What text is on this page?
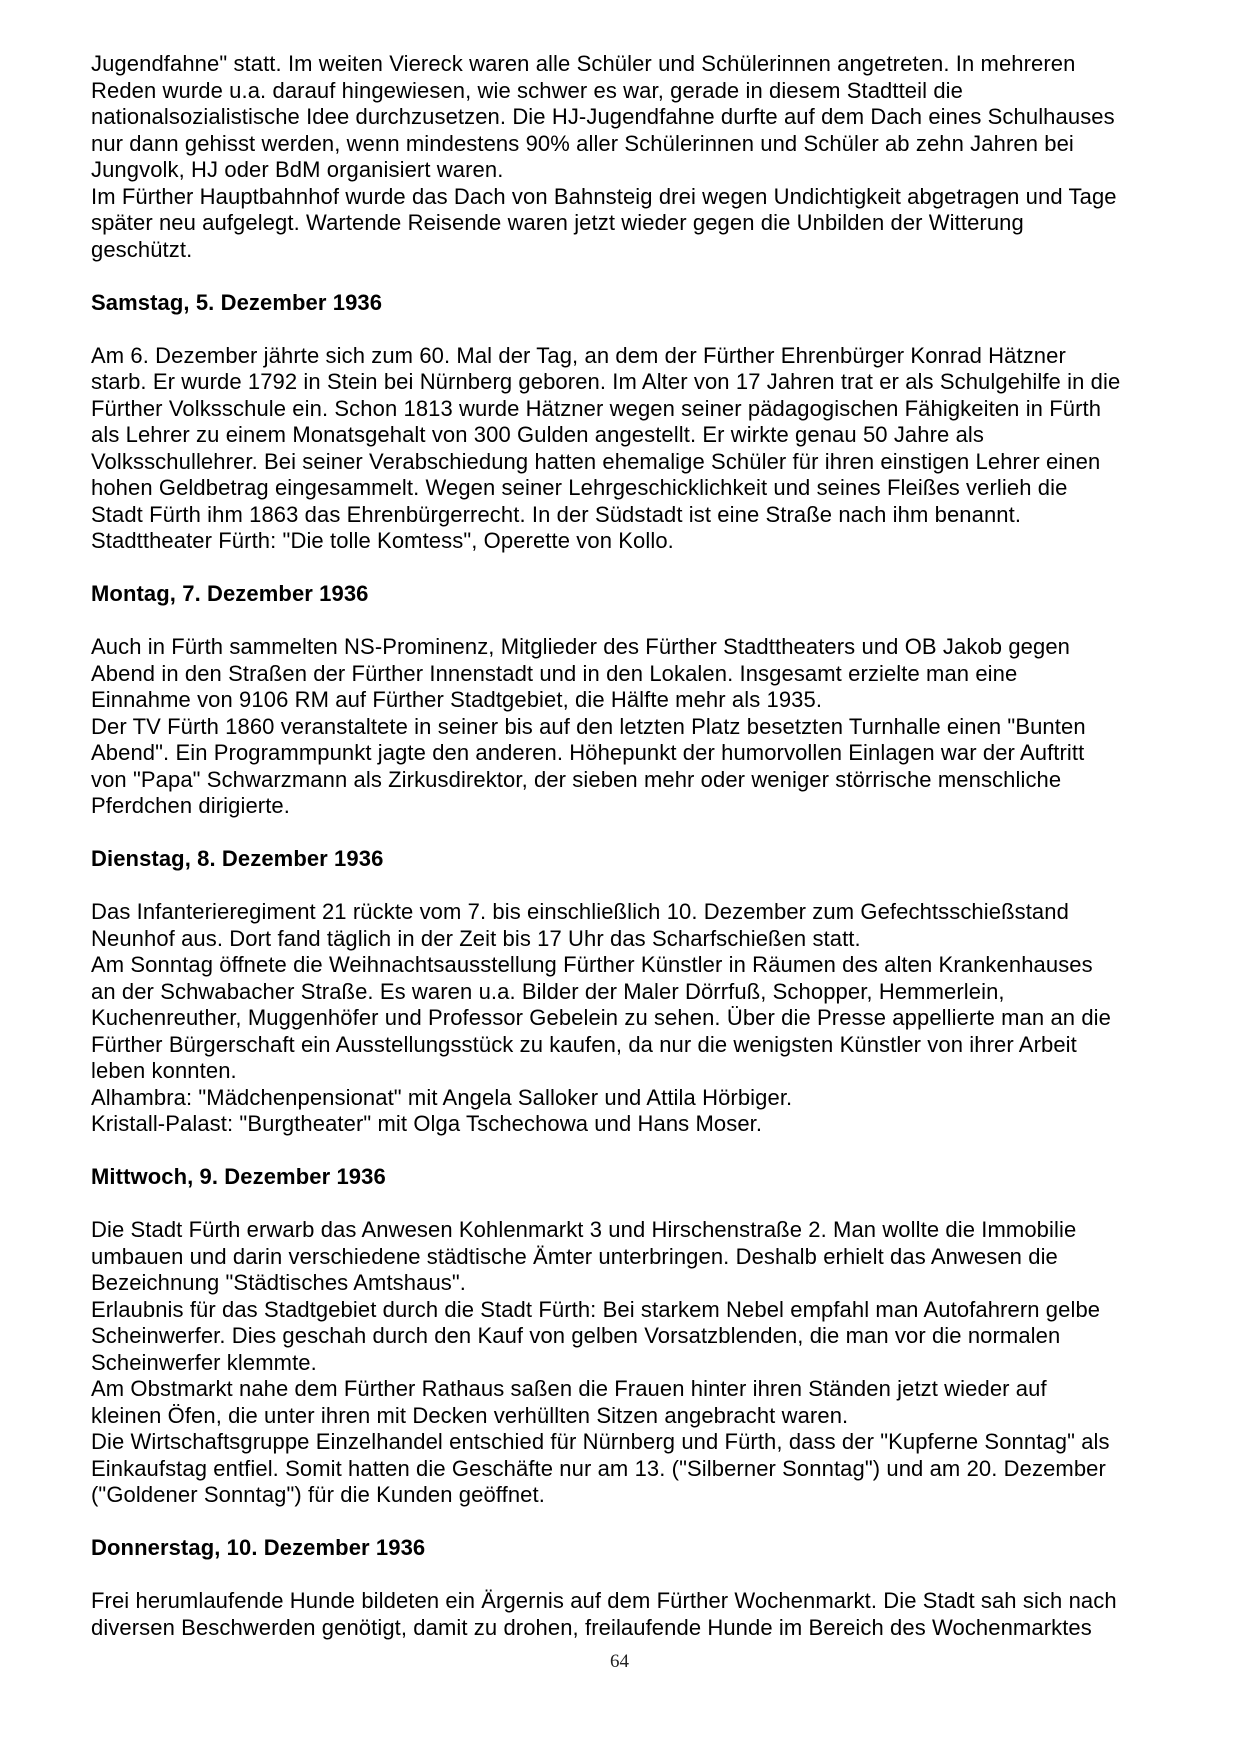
Jugendfahne" statt. Im weiten Viereck waren alle Schüler und Schülerinnen angetreten. In mehreren
Reden wurde u.a. darauf hingewiesen, wie schwer es war, gerade in diesem Stadtteil die
nationalsozialistische Idee durchzusetzen. Die HJ-Jugendfahne durfte auf dem Dach eines Schulhauses
nur dann gehisst werden, wenn mindestens 90% aller Schülerinnen und Schüler ab zehn Jahren bei
Jungvolk, HJ oder BdM organisiert waren.
Im Fürther Hauptbahnhof wurde das Dach von Bahnsteig drei wegen Undichtigkeit abgetragen und Tage
später neu aufgelegt. Wartende Reisende waren jetzt wieder gegen die Unbilden der Witterung
geschützt.
Samstag, 5. Dezember 1936
Am 6. Dezember jährte sich zum 60. Mal der Tag, an dem der Fürther Ehrenbürger Konrad Hätzner
starb. Er wurde 1792 in Stein bei Nürnberg geboren. Im Alter von 17 Jahren trat er als Schulgehilfe in die
Fürther Volksschule ein. Schon 1813 wurde Hätzner wegen seiner pädagogischen Fähigkeiten in Fürth
als Lehrer zu einem Monatsgehalt von 300 Gulden angestellt. Er wirkte genau 50 Jahre als
Volksschullehrer. Bei seiner Verabschiedung hatten ehemalige Schüler für ihren einstigen Lehrer einen
hohen Geldbetrag eingesammelt. Wegen seiner Lehrgeschicklichkeit und seines Fleißes verlieh die
Stadt Fürth ihm 1863 das Ehrenbürgerrecht. In der Südstadt ist eine Straße nach ihm benannt.
Stadttheater Fürth: "Die tolle Komtess", Operette von Kollo.
Montag, 7. Dezember 1936
Auch in Fürth sammelten NS-Prominenz, Mitglieder des Fürther Stadttheaters und OB Jakob gegen
Abend in den Straßen der Fürther Innenstadt und in den Lokalen. Insgesamt erzielte man eine
Einnahme von 9106 RM auf Fürther Stadtgebiet, die Hälfte mehr als 1935.
Der TV Fürth 1860 veranstaltete in seiner bis auf den letzten Platz besetzten Turnhalle einen "Bunten
Abend". Ein Programmpunkt jagte den anderen. Höhepunkt der humorvollen Einlagen war der Auftritt
von "Papa" Schwarzmann als Zirkusdirektor, der sieben mehr oder weniger störrische menschliche
Pferdchen dirigierte.
Dienstag, 8. Dezember 1936
Das Infanterieregiment 21 rückte vom 7. bis einschließlich 10. Dezember zum Gefechtsschießstand
Neunhof aus. Dort fand täglich in der Zeit bis 17 Uhr das Scharfschießen statt.
Am Sonntag öffnete die Weihnachtsausstellung Fürther Künstler in Räumen des alten Krankenhauses
an der Schwabacher Straße. Es waren u.a. Bilder der Maler Dörrfuß, Schopper, Hemmerlein,
Kuchenreuther, Muggenhöfer und Professor Gebelein zu sehen. Über die Presse appellierte man an die
Fürther Bürgerschaft ein Ausstellungsstück zu kaufen, da nur die wenigsten Künstler von ihrer Arbeit
leben konnten.
Alhambra: "Mädchenpensionat" mit Angela Salloker und Attila Hörbiger.
Kristall-Palast: "Burgtheater" mit Olga Tschechowa und Hans Moser.
Mittwoch, 9. Dezember 1936
Die Stadt Fürth erwarb das Anwesen Kohlenmarkt 3 und Hirschenstraße 2. Man wollte die Immobilie
umbauen und darin verschiedene städtische Ämter unterbringen. Deshalb erhielt das Anwesen die
Bezeichnung "Städtisches Amtshaus".
Erlaubnis für das Stadtgebiet durch die Stadt Fürth: Bei starkem Nebel empfahl man Autofahrern gelbe
Scheinwerfer. Dies geschah durch den Kauf von gelben Vorsatzblenden, die man vor die normalen
Scheinwerfer klemmte.
Am Obstmarkt nahe dem Fürther Rathaus saßen die Frauen hinter ihren Ständen jetzt wieder auf
kleinen Öfen, die unter ihren mit Decken verhüllten Sitzen angebracht waren.
Die Wirtschaftsgruppe Einzelhandel entschied für Nürnberg und Fürth, dass der "Kupferne Sonntag" als
Einkaufstag entfiel. Somit hatten die Geschäfte nur am 13. ("Silberner Sonntag") und am 20. Dezember
("Goldener Sonntag") für die Kunden geöffnet.
Donnerstag, 10. Dezember 1936
Frei herumlaufende Hunde bildeten ein Ärgernis auf dem Fürther Wochenmarkt. Die Stadt sah sich nach
diversen Beschwerden genötigt, damit zu drohen, freilaufende Hunde im Bereich des Wochenmarktes
64
